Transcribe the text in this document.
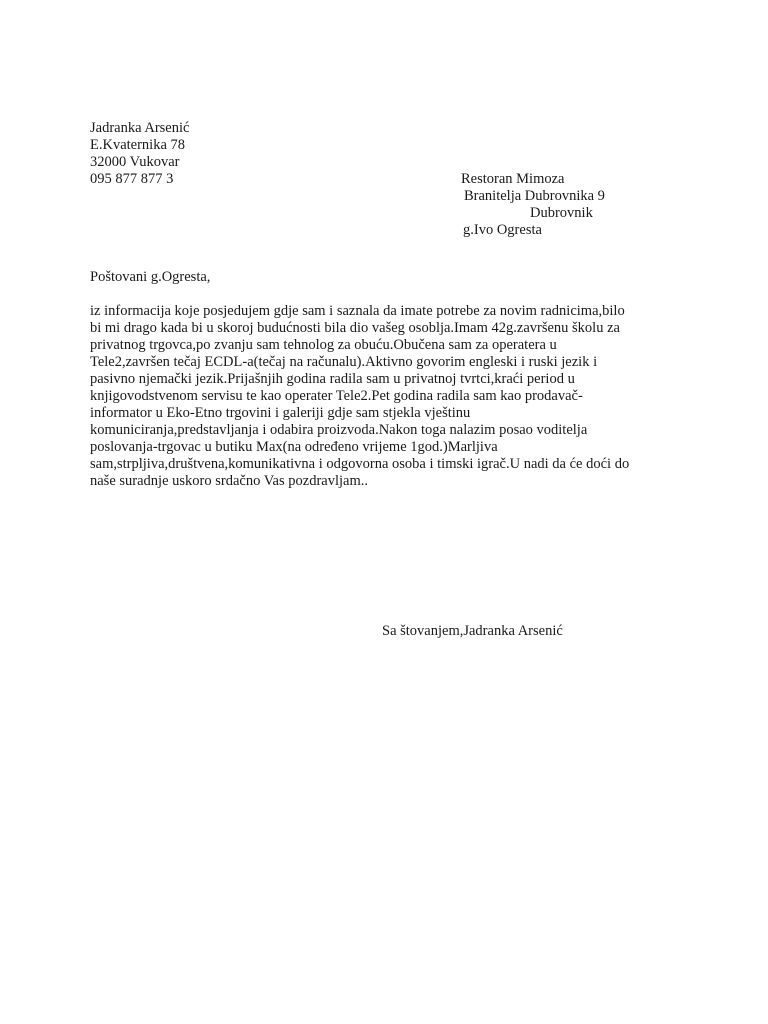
Jadranka Arsenić
E.Kvaternika 78
32000 Vukovar
095 877 877 3	Restoran Mimoza
Branitelja Dubrovnika 9
Dubrovnik
g.Ivo Ogresta
Poštovani g.Ogresta,
iz informacija koje posjedujem gdje sam i saznala da imate potrebe za novim radnicima,bilo
bi mi drago kada bi u skoroj budućnosti bila dio vašeg osoblja.Imam 42g.završenu školu za
privatnog trgovca,po zvanju sam tehnolog za obuću.Obučena sam za operatera u
Tele2,završen tečaj ECDL-a(tečaj na računalu).Aktivno govorim engleski i ruski jezik i
pasivno njemački jezik.Prijašnjih godina radila sam u privatnoj tvrtci,kraći period u
knjigovodstvenom servisu te kao operater Tele2.Pet godina radila sam kao prodavač-
informator u Eko-Etno trgovini i galeriji gdje sam stjekla vještinu
komuniciranja,predstavljanja i odabira proizvoda.Nakon toga nalazim posao voditelja
poslovanja-trgovac u butiku Max(na određeno vrijeme 1god.)Marljiva
sam,strpljiva,društvena,komunikativna i odgovorna osoba i timski igrač.U nadi da će doći do
naše suradnje uskoro srdačno Vas pozdravljam..
Sa štovanjem,Jadranka Arsenić
